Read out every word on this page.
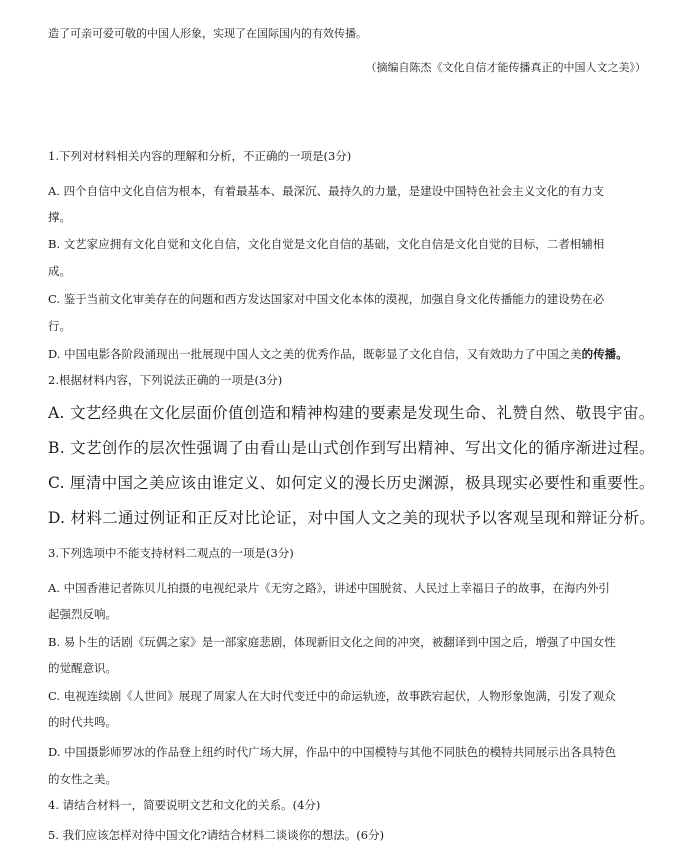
造了可亲可爱可敬的中国人形象，实现了在国际国内的有效传播。
（摘编自陈杰《文化自信才能传播真正的中国人文之美》）
1.下列对材料相关内容的理解和分析，不正确的一项是(3分)
A. 四个自信中文化自信为根本，有着最基本、最深沉、最持久的力量，是建设中国特色社会主义文化的有力支
撑。
B. 文艺家应拥有文化自觉和文化自信，文化自觉是文化自信的基础，文化自信是文化自觉的目标，二者相辅相
成。
C. 鉴于当前文化审美存在的问题和西方发达国家对中国文化本体的漠视，加强自身文化传播能力的建设势在必
行。
D. 中国电影各阶段涌现出一批展现中国人文之美的优秀作品，既彰显了文化自信，又有效助力了中国之美的传播。
2.根据材料内容，下列说法正确的一项是(3分)
A. 文艺经典在文化层面价值创造和精神构建的要素是发现生命、礼赞自然、敬畏宇宙。
B. 文艺创作的层次性强调了由看山是山式创作到写出精神、写出文化的循序渐进过程。
C. 厘清中国之美应该由谁定义、如何定义的漫长历史渊源，极具现实必要性和重要性。
D. 材料二通过例证和正反对比论证，对中国人文之美的现状予以客观呈现和辩证分析。
3.下列选项中不能支持材料二观点的一项是(3分)
A. 中国香港记者陈贝儿拍摄的电视纪录片《无穷之路》，讲述中国脱贫、人民过上幸福日子的故事，在海内外引
起强烈反响。
B. 易卜生的话剧《玩偶之家》是一部家庭悲剧，体现新旧文化之间的冲突，被翻译到中国之后，增强了中国女性
的觉醒意识。
C. 电视连续剧《人世间》展现了周家人在大时代变迁中的命运轨迹，故事跌宕起伏，人物形象饱满，引发了观众
的时代共鸣。
D. 中国摄影师罗冰的作品登上纽约时代广场大屏，作品中的中国模特与其他不同肤色的模特共同展示出各具特色
的女性之美。
4. 请结合材料一，简要说明文艺和文化的关系。(4分)
5. 我们应该怎样对待中国文化?请结合材料二谈谈你的想法。(6分)
